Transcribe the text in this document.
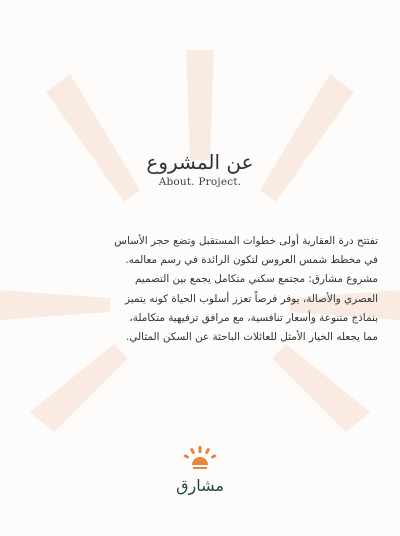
عن المشروع
About. Project.
تفتتح درة العقارية أولى خطوات المستقبل وتضع حجر الأساس
في مخطط شمس العروس لتكون الرائدة في رسم معالمه.
مشروع مشارق: مجتمع سكني متكامل يجمع بين التصميم
العصري والأصالة، يوفر فرصاً تعزز أسلوب الحياة كونه يتميز
بنماذج متنوعة وأسعار تنافسية، مع مرافق ترفيهية متكاملة،
مما يجعله الخيار الأمثل للعائلات الباحثة عن السكن المثالي.
مشارق
